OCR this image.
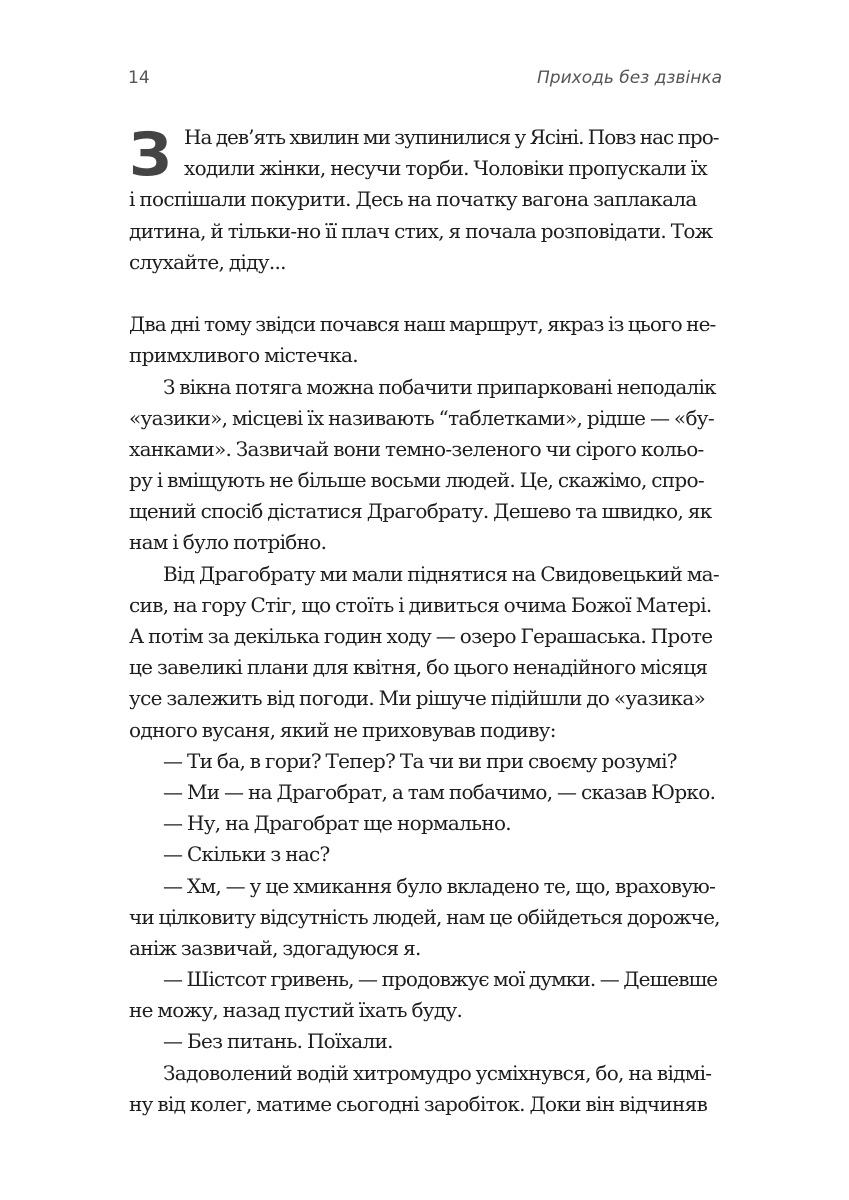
14	Приходь без дзвінка
З На дев’ять хвилин ми зупинилися у Ясіні. Повз нас про-
ходили жінки, несучи торби. Чоловіки пропускали їх
і поспішали покурити. Десь на початку вагона заплакала
дитина, й тільки-но її плач стих, я почала розповідати. Тож
слухайте, діду...
Два дні тому звідси почався наш маршрут, якраз із цього не-
примхливого містечка.
З вікна потяга можна побачити припарковані неподалік
«уазики», місцеві їх називають “таблетками», рідше — «бу-
ханками». Зазвичай вони темно-зеленого чи сірого кольо-
ру і вміщують не більше восьми людей. Це, скажімо, спро-
щений спосіб дістатися Драгобрату. Дешево та швидко, як
нам і було потрібно.
Від Драгобрату ми мали піднятися на Свидовецький ма-
сив, на гору Стіг, що стоїть і дивиться очима Божої Матері.
А потім за декілька годин ходу — озеро Герашаська. Проте
це завеликі плани для квітня, бо цього ненадійного місяця
усе залежить від погоди. Ми рішуче підійшли до «уазика»
одного вусаня, який не приховував подиву:
— Ти ба, в гори? Тепер? Та чи ви при своєму розумі?
— Ми — на Драгобрат, а там побачимо, — сказав Юрко.
— Ну, на Драгобрат ще нормально.
— Скільки з нас?
— Хм, — у це хмикання було вкладено те, що, враховую-
чи цілковиту відсутність людей, нам це обійдеться дорожче,
аніж зазвичай, здогадуюся я.
— Шістсот гривень, — продовжує мої думки. — Дешевше
не можу, назад пустий їхать буду.
— Без питань. Поїхали.
Задоволений водій хитромудро усміхнувся, бо, на відмі-
ну від колег, матиме сьогодні заробіток. Доки він відчиняв
